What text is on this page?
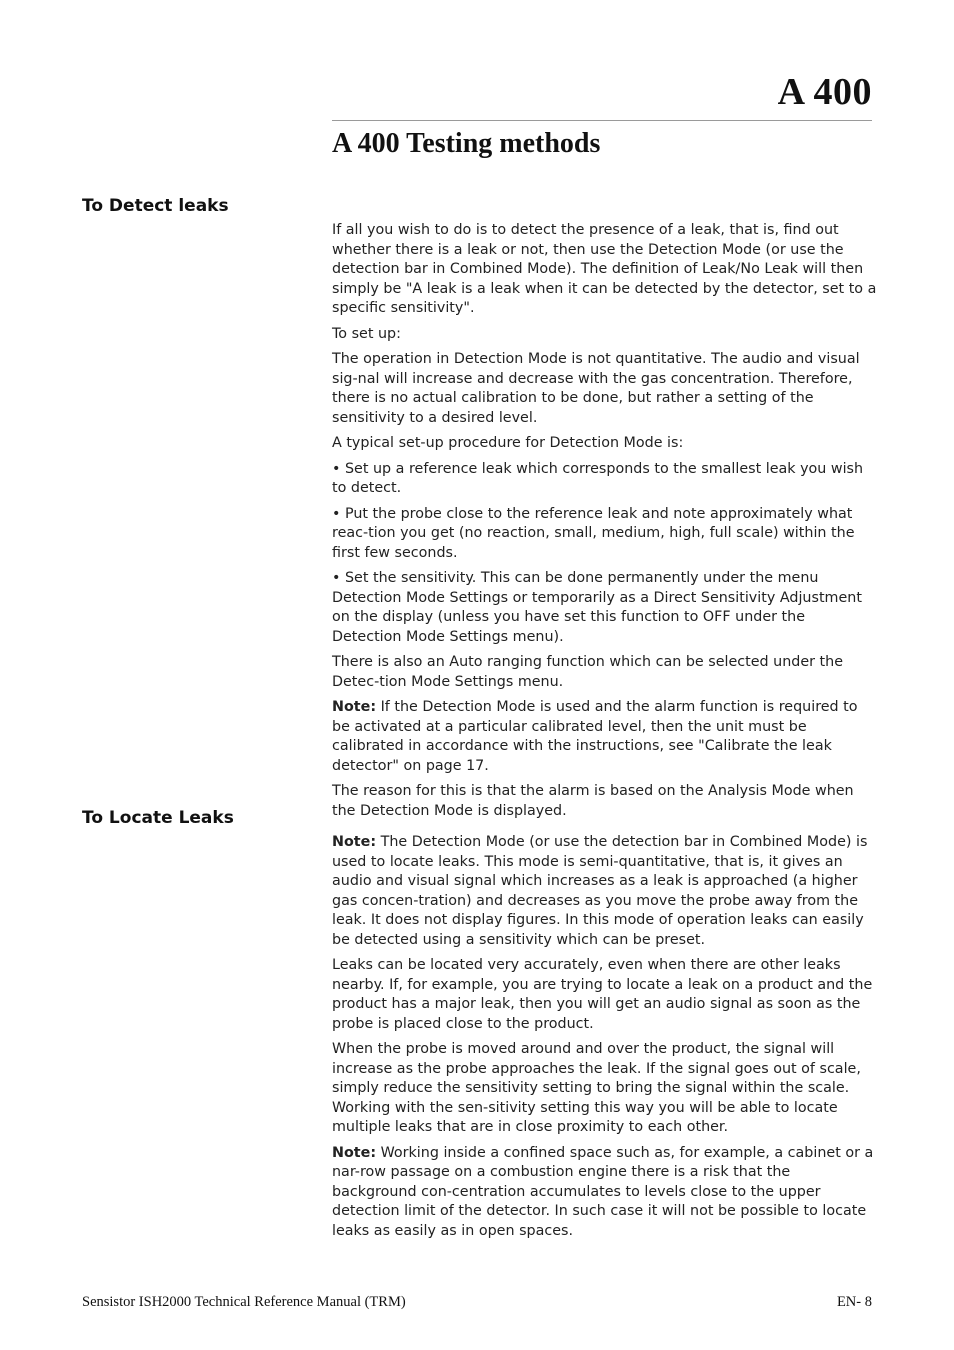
A 400
A 400 Testing methods
To Detect leaks

If all you wish to do is to detect the presence of a leak, that is, find out whether there is a leak or not, then use the Detection Mode (or use the detection bar in Combined Mode). The definition of Leak/No Leak will then simply be "A leak is a leak when it can be detected by the detector, set to a specific sensitivity".

To set up:

The operation in Detection Mode is not quantitative. The audio and visual sig-nal will increase and decrease with the gas concentration. Therefore, there is no actual calibration to be done, but rather a setting of the sensitivity to a desired level.

A typical set-up procedure for Detection Mode is:

• Set up a reference leak which corresponds to the smallest leak you wish to detect.

• Put the probe close to the reference leak and note approximately what reac-tion you get (no reaction, small, medium, high, full scale) within the first few seconds.

• Set the sensitivity. This can be done permanently under the menu Detection Mode Settings or temporarily as a Direct Sensitivity Adjustment on the display (unless you have set this function to OFF under the Detection Mode Settings menu).

There is also an Auto ranging function which can be selected under the Detec-tion Mode Settings menu.

Note: If the Detection Mode is used and the alarm function is required to be activated at a particular calibrated level, then the unit must be calibrated in accordance with the instructions, see "Calibrate the leak detector" on page 17.

The reason for this is that the alarm is based on the Analysis Mode when the Detection Mode is displayed.

To Locate Leaks

Note: The Detection Mode (or use the detection bar in Combined Mode) is used to locate leaks. This mode is semi-quantitative, that is, it gives an audio and visual signal which increases as a leak is approached (a higher gas concen-tration) and decreases as you move the probe away from the leak. It does not display figures. In this mode of operation leaks can easily be detected using a sensitivity which can be preset.

Leaks can be located very accurately, even when there are other leaks nearby. If, for example, you are trying to locate a leak on a product and the product has a major leak, then you will get an audio signal as soon as the probe is placed close to the product.

When the probe is moved around and over the product, the signal will increase as the probe approaches the leak. If the signal goes out of scale, simply reduce the sensitivity setting to bring the signal within the scale. Working with the sen-sitivity setting this way you will be able to locate multiple leaks that are in close proximity to each other.

Note: Working inside a confined space such as, for example, a cabinet or a nar-row passage on a combustion engine there is a risk that the background con-centration accumulates to levels close to the upper detection limit of the detector. In such case it will not be possible to locate leaks as easily as in open spaces.

Sensistor ISH2000 Technical Reference Manual (TRM)	EN- 8
